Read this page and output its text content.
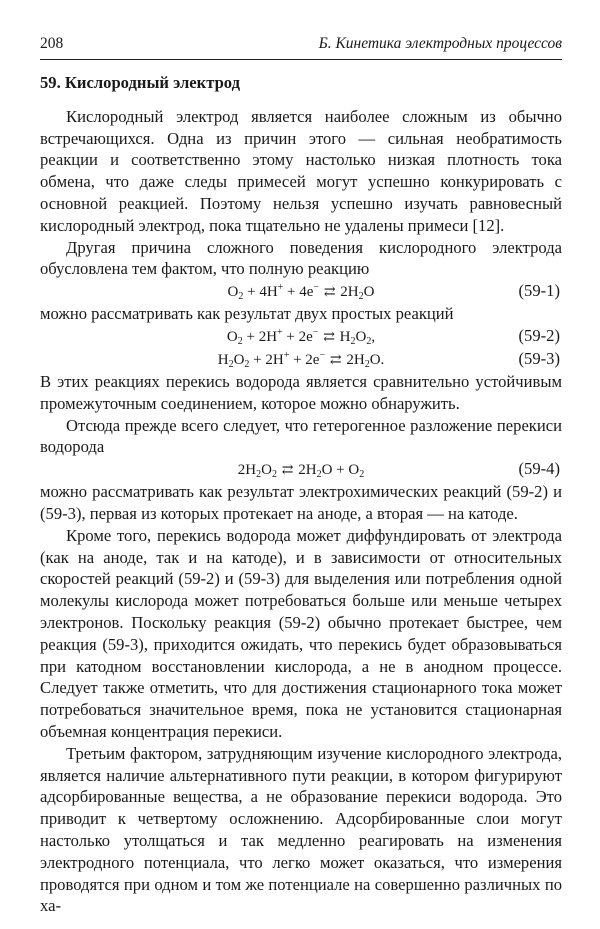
208	Б. Кинетика электродных процессов
59. Кислородный электрод

Кислородный электрод является наиболее сложным из обычно встречающихся. Одна из причин этого — сильная необратимость реакции и соответственно этому настолько низкая плотность тока обмена, что даже следы примесей могут успешно конкурировать с основной реакцией. Поэтому нельзя успешно изучать равновесный кислородный электрод, пока тщательно не удалены примеси [12].

Другая причина сложного поведения кислородного электрода обусловлена тем фактом, что полную реакцию

$O_2 + 4H^+ + 4e^-$ ⇄ $2H_2O$	(59-1)

можно рассматривать как результат двух простых реакций

$O_2 + 2H^+ + 2e^-$ ⇄ $H_2O_2$,	(59-2)
$H_2O_2 + 2H^+ + 2e^-$ ⇄ $2H_2O$.	(59-3)

В этих реакциях перекись водорода является сравнительно устойчивым промежуточным соединением, которое можно обнаружить.

Отсюда прежде всего следует, что гетерогенное разложение перекиси водорода

$2H_2O_2$ ⇄ $2H_2O + O_2$	(59-4)

можно рассматривать как результат электрохимических реакций (59-2) и (59-3), первая из которых протекает на аноде, а вторая — на катоде.

Кроме того, перекись водорода может диффундировать от электрода (как на аноде, так и на катоде), и в зависимости от относительных скоростей реакций (59-2) и (59-3) для выделения или потребления одной молекулы кислорода может потребоваться больше или меньше четырех электронов. Поскольку реакция (59-2) обычно протекает быстрее, чем реакция (59-3), приходится ожидать, что перекись будет образовываться при катодном восстановлении кислорода, а не в анодном процессе. Следует также отметить, что для достижения стационарного тока может потребоваться значительное время, пока не установится стационарная объемная концентрация перекиси.

Третьим фактором, затрудняющим изучение кислородного электрода, является наличие альтернативного пути реакции, в котором фигурируют адсорбированные вещества, а не образование перекиси водорода. Это приводит к четвертому осложнению. Адсорбированные слои могут настолько утолщаться и так медленно реагировать на изменения электродного потенциала, что легко может оказаться, что измерения проводятся при одном и том же потенциале на совершенно различных по ха-
